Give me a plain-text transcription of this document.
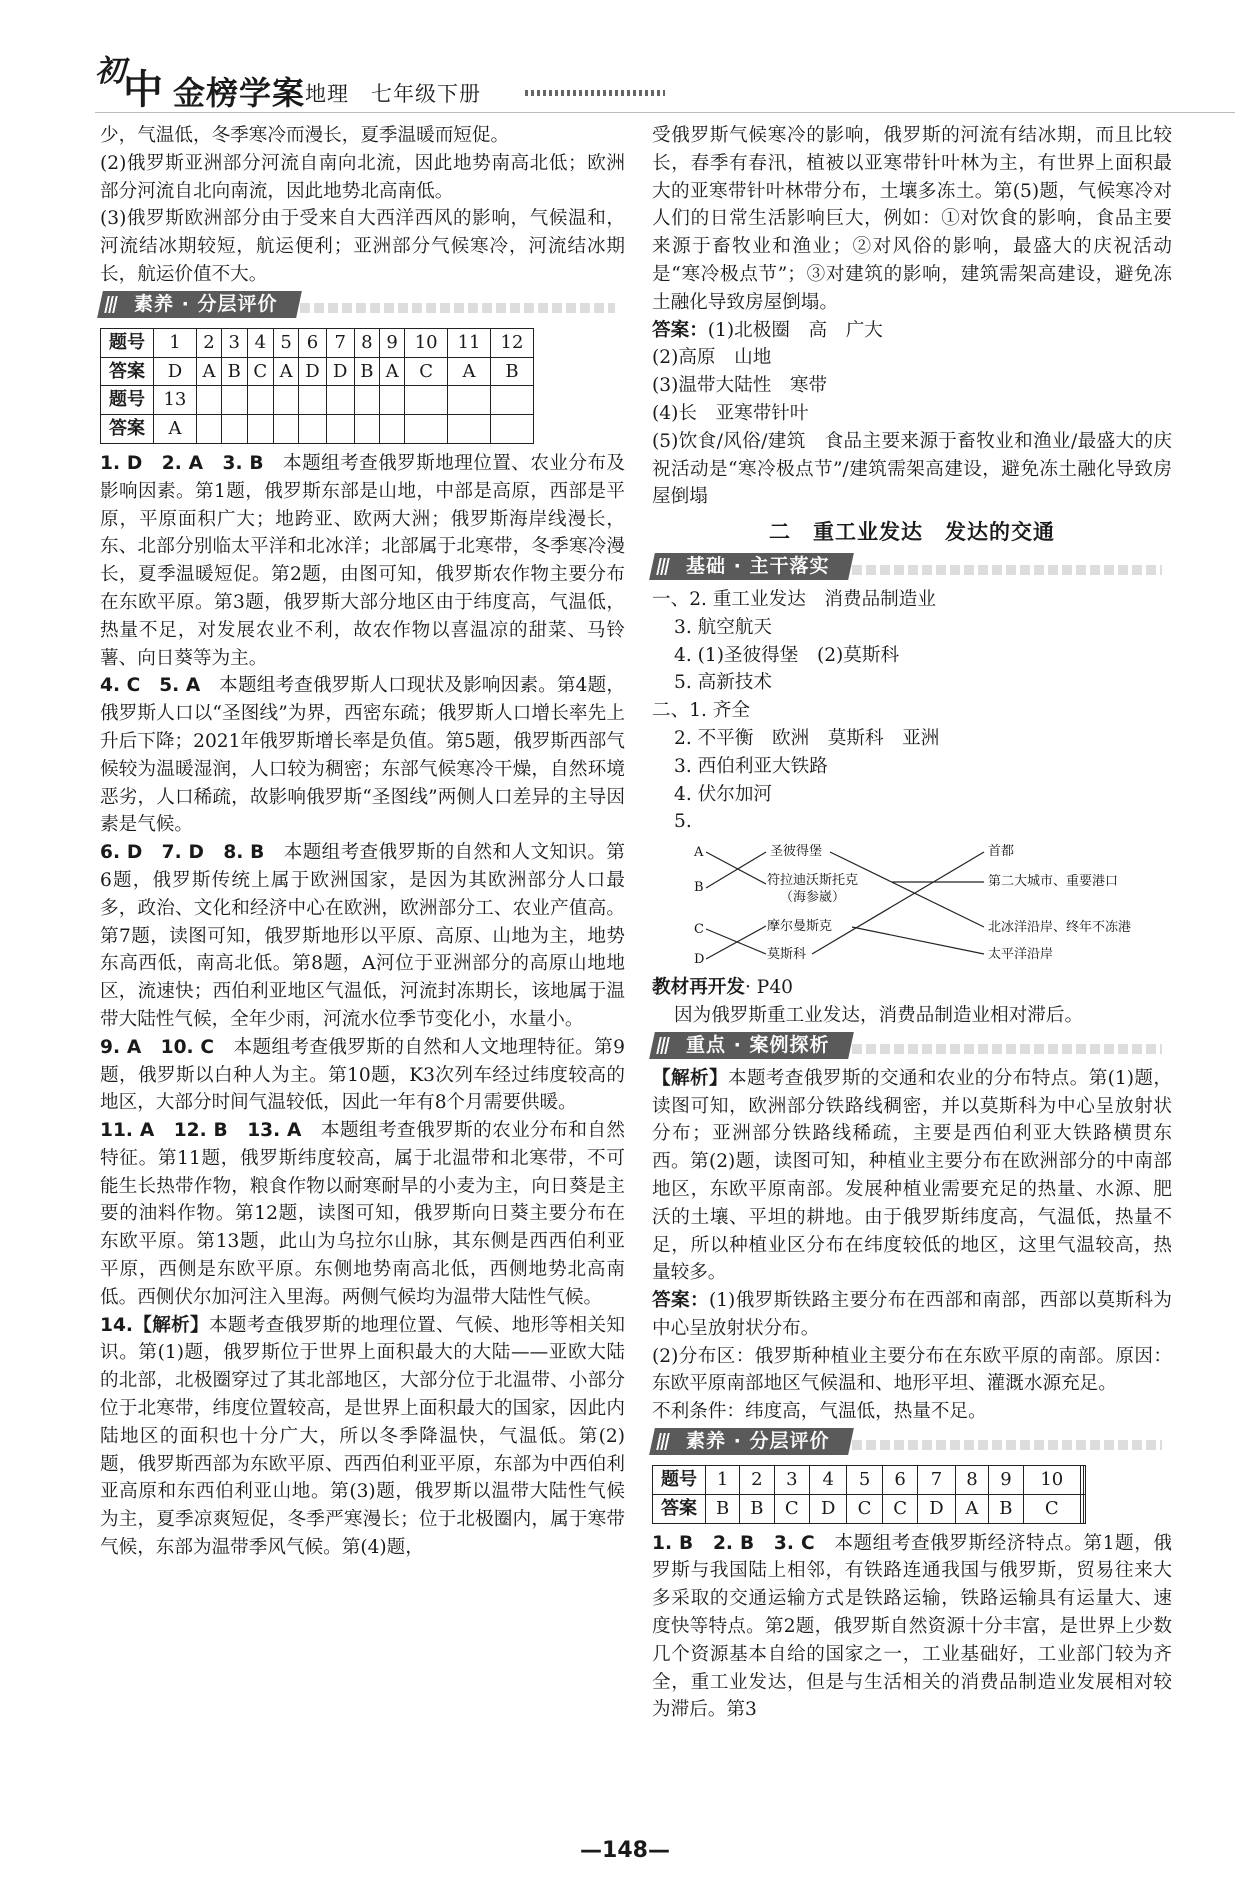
初
中 金榜学案 地理　七年级下册

少，气温低，冬季寒冷而漫长，夏季温暖而短促。

(2)俄罗斯亚洲部分河流自南向北流，因此地势南高北低；欧洲部分河流自北向南流，因此地势北高南低。

(3)俄罗斯欧洲部分由于受来自大西洋西风的影响，气候温和，河流结冰期较短，航运便利；亚洲部分气候寒冷，河流结冰期长，航运价值不大。

素养 · 分层评价
题号	1	2	3	4	5	6	7	8	9	10	11	12
答案	D	A	B	C	A	D	D	B	A	C	A	B
题号	13											
答案	A											

1. D　2. A　3. B　本题组考查俄罗斯地理位置、农业分布及影响因素。第1题，俄罗斯东部是山地，中部是高原，西部是平原，平原面积广大；地跨亚、欧两大洲；俄罗斯海岸线漫长，东、北部分别临太平洋和北冰洋；北部属于北寒带，冬季寒冷漫长，夏季温暖短促。第2题，由图可知，俄罗斯农作物主要分布在东欧平原。第3题，俄罗斯大部分地区由于纬度高，气温低，热量不足，对发展农业不利，故农作物以喜温凉的甜菜、马铃薯、向日葵等为主。

4. C　5. A　本题组考查俄罗斯人口现状及影响因素。第4题，俄罗斯人口以“圣图线”为界，西密东疏；俄罗斯人口增长率先上升后下降；2021年俄罗斯增长率是负值。第5题，俄罗斯西部气候较为温暖湿润，人口较为稠密；东部气候寒冷干燥，自然环境恶劣，人口稀疏，故影响俄罗斯“圣图线”两侧人口差异的主导因素是气候。

6. D　7. D　8. B　本题组考查俄罗斯的自然和人文知识。第6题，俄罗斯传统上属于欧洲国家，是因为其欧洲部分人口最多，政治、文化和经济中心在欧洲，欧洲部分工、农业产值高。第7题，读图可知，俄罗斯地形以平原、高原、山地为主，地势东高西低，南高北低。第8题，A河位于亚洲部分的高原山地地区，流速快；西伯利亚地区气温低，河流封冻期长，该地属于温带大陆性气候，全年少雨，河流水位季节变化小，水量小。

9. A　10. C　本题组考查俄罗斯的自然和人文地理特征。第9题，俄罗斯以白种人为主。第10题，K3次列车经过纬度较高的地区，大部分时间气温较低，因此一年有8个月需要供暖。

11. A　12. B　13. A　本题组考查俄罗斯的农业分布和自然特征。第11题，俄罗斯纬度较高，属于北温带和北寒带，不可能生长热带作物，粮食作物以耐寒耐旱的小麦为主，向日葵是主要的油料作物。第12题，读图可知，俄罗斯向日葵主要分布在东欧平原。第13题，此山为乌拉尔山脉，其东侧是西西伯利亚平原，西侧是东欧平原。东侧地势南高北低，西侧地势北高南低。西侧伏尔加河注入里海。两侧气候均为温带大陆性气候。

14.【解析】本题考查俄罗斯的地理位置、气候、地形等相关知识。第(1)题，俄罗斯位于世界上面积最大的大陆——亚欧大陆的北部，北极圈穿过了其北部地区，大部分位于北温带、小部分位于北寒带，纬度位置较高，是世界上面积最大的国家，因此内陆地区的面积也十分广大，所以冬季降温快，气温低。第(2)题，俄罗斯西部为东欧平原、西西伯利亚平原，东部为中西伯利亚高原和东西伯利亚山地。第(3)题，俄罗斯以温带大陆性气候为主，夏季凉爽短促，冬季严寒漫长；位于北极圈内，属于寒带气候，东部为温带季风气候。第(4)题，

受俄罗斯气候寒冷的影响，俄罗斯的河流有结冰期，而且比较长，春季有春汛，植被以亚寒带针叶林为主，有世界上面积最大的亚寒带针叶林带分布，土壤多冻土。第(5)题，气候寒冷对人们的日常生活影响巨大，例如：①对饮食的影响，食品主要来源于畜牧业和渔业；②对风俗的影响，最盛大的庆祝活动是“寒冷极点节”；③对建筑的影响，建筑需架高建设，避免冻土融化导致房屋倒塌。

答案：(1)北极圈　高　广大
(2)高原　山地
(3)温带大陆性　寒带
(4)长　亚寒带针叶

(5)饮食/风俗/建筑　食品主要来源于畜牧业和渔业/最盛大的庆祝活动是“寒冷极点节”/建筑需架高建设，避免冻土融化导致房屋倒塌

二　重工业发达　发达的交通
基础 · 主干落实
一、2. 重工业发达　消费品制造业
3. 航空航天
4. (1)圣彼得堡　(2)莫斯科
5. 高新技术
二、1. 齐全
2. 不平衡　欧洲　莫斯科　亚洲
3. 西伯利亚大铁路
4. 伏尔加河
5.
A
B
C
D
圣彼得堡
符拉迪沃斯托克
（海参崴）
摩尔曼斯克
莫斯科
首都
第二大城市、重要港口
北冰洋沿岸、终年不冻港
太平洋沿岸

教材再开发· P40

因为俄罗斯重工业发达，消费品制造业相对滞后。

重点 · 案例探析

【解析】本题考查俄罗斯的交通和农业的分布特点。第(1)题，读图可知，欧洲部分铁路线稠密，并以莫斯科为中心呈放射状分布；亚洲部分铁路线稀疏，主要是西伯利亚大铁路横贯东西。第(2)题，读图可知，种植业主要分布在欧洲部分的中南部地区，东欧平原南部。发展种植业需要充足的热量、水源、肥沃的土壤、平坦的耕地。由于俄罗斯纬度高，气温低，热量不足，所以种植业区分布在纬度较低的地区，这里气温较高，热量较多。

答案：(1)俄罗斯铁路主要分布在西部和南部，西部以莫斯科为中心呈放射状分布。

(2)分布区：俄罗斯种植业主要分布在东欧平原的南部。原因：东欧平原南部地区气候温和、地形平坦、灌溉水源充足。

不利条件：纬度高，气温低，热量不足。

素养 · 分层评价
题号	1	2	3	4	5	6	7	8	9	10		
答案	B	B	C	D	C	C	D	A	B	C		

1. B　2. B　3. C　本题组考查俄罗斯经济特点。第1题，俄罗斯与我国陆上相邻，有铁路连通我国与俄罗斯，贸易往来大多采取的交通运输方式是铁路运输，铁路运输具有运量大、速度快等特点。第2题，俄罗斯自然资源十分丰富，是世界上少数几个资源基本自给的国家之一，工业基础好，工业部门较为齐全，重工业发达，但是与生活相关的消费品制造业发展相对较为滞后。第3

—148—
